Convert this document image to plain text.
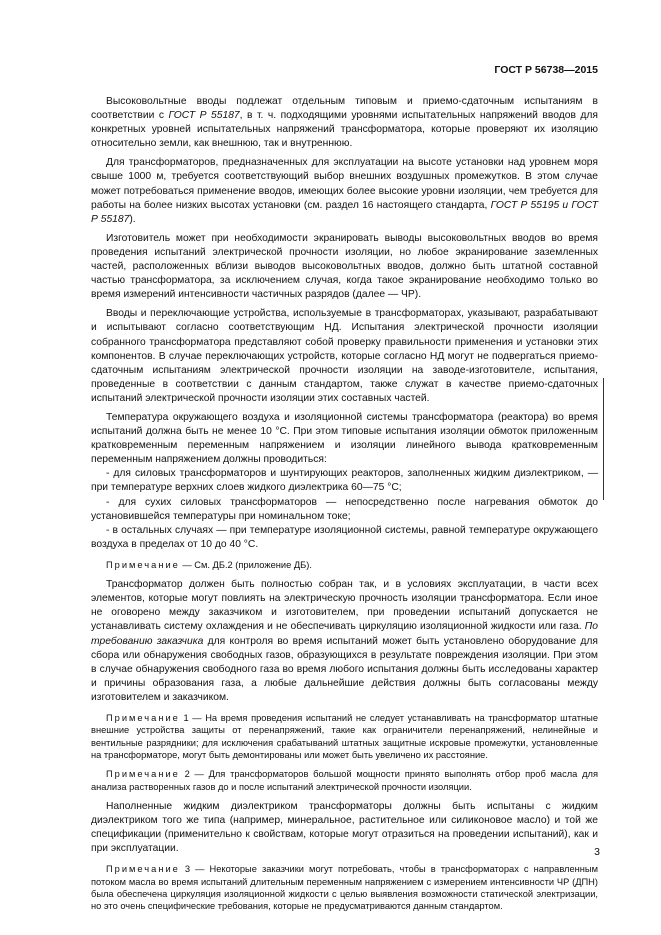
ГОСТ Р 56738—2015

Высоковольтные вводы подлежат отдельным типовым и приемо-сдаточным испытаниям в соответствии с ГОСТ Р 55187, в т. ч. подходящими уровнями испытательных напряжений вводов для конкретных уровней испытательных напряжений трансформатора, которые проверяют их изоляцию относительно земли, как внешнюю, так и внутреннюю.

Для трансформаторов, предназначенных для эксплуатации на высоте установки над уровнем моря свыше 1000 м, требуется соответствующий выбор внешних воздушных промежутков. В этом случае может потребоваться применение вводов, имеющих более высокие уровни изоляции, чем требуется для работы на более низких высотах установки (см. раздел 16 настоящего стандарта, ГОСТ Р 55195 и ГОСТ Р 55187).

Изготовитель может при необходимости экранировать выводы высоковольтных вводов во время проведения испытаний электрической прочности изоляции, но любое экранирование заземленных частей, расположенных вблизи выводов высоковольтных вводов, должно быть штатной составной частью трансформатора, за исключением случая, когда такое экранирование необходимо только во время измерений интенсивности частичных разрядов (далее — ЧР).

Вводы и переключающие устройства, используемые в трансформаторах, указывают, разрабатывают и испытывают согласно соответствующим НД. Испытания электрической прочности изоляции собранного трансформатора представляют собой проверку правильности применения и установки этих компонентов. В случае переключающих устройств, которые согласно НД могут не подвергаться приемо-сдаточным испытаниям электрической прочности изоляции на заводе-изготовителе, испытания, проведенные в соответствии с данным стандартом, также служат в качестве приемо-сдаточных испытаний электрической прочности изоляции этих составных частей.

Температура окружающего воздуха и изоляционной системы трансформатора (реактора) во время испытаний должна быть не менее 10 °С. При этом типовые испытания изоляции обмоток приложенным кратковременным переменным напряжением и изоляции линейного вывода кратковременным переменным напряжением должны проводиться:

- для силовых трансформаторов и шунтирующих реакторов, заполненных жидким диэлектриком, — при температуре верхних слоев жидкого диэлектрика 60—75 °С;

- для сухих силовых трансформаторов — непосредственно после нагревания обмоток до установившейся температуры при номинальном токе;

- в остальных случаях — при температуре изоляционной системы, равной температуре окружающего воздуха в пределах от 10 до 40 °С.

Примечание — См. ДБ.2 (приложение ДБ).

Трансформатор должен быть полностью собран так, и в условиях эксплуатации, в части всех элементов, которые могут повлиять на электрическую прочность изоляции трансформатора. Если иное не оговорено между заказчиком и изготовителем, при проведении испытаний допускается не устанавливать систему охлаждения и не обеспечивать циркуляцию изоляционной жидкости или газа. По требованию заказчика для контроля во время испытаний может быть установлено оборудование для сбора или обнаружения свободных газов, образующихся в результате повреждения изоляции. При этом в случае обнаружения свободного газа во время любого испытания должны быть исследованы характер и причины образования газа, а любые дальнейшие действия должны быть согласованы между изготовителем и заказчиком.

Примечание 1 — На время проведения испытаний не следует устанавливать на трансформатор штатные внешние устройства защиты от перенапряжений, такие как ограничители перенапряжений, нелинейные и вентильные разрядники; для исключения срабатываний штатных защитные искровые промежутки, установленные на трансформаторе, могут быть демонтированы или может быть увеличено их расстояние.

Примечание 2 — Для трансформаторов большой мощности принято выполнять отбор проб масла для анализа растворенных газов до и после испытаний электрической прочности изоляции.

Наполненные жидким диэлектриком трансформаторы должны быть испытаны с жидким диэлектриком того же типа (например, минеральное, растительное или силиконовое масло) и той же спецификации (применительно к свойствам, которые могут отразиться на проведении испытаний), как и при эксплуатации.

Примечание 3 — Некоторые заказчики могут потребовать, чтобы в трансформаторах с направленным потоком масла во время испытаний длительным переменным напряжением с измерением интенсивности ЧР (ДПН) была обеспечена циркуляция изоляционной жидкости с целью выявления возможности статической электризации, но это очень специфические требования, которые не предусматриваются данным стандартом.

3
